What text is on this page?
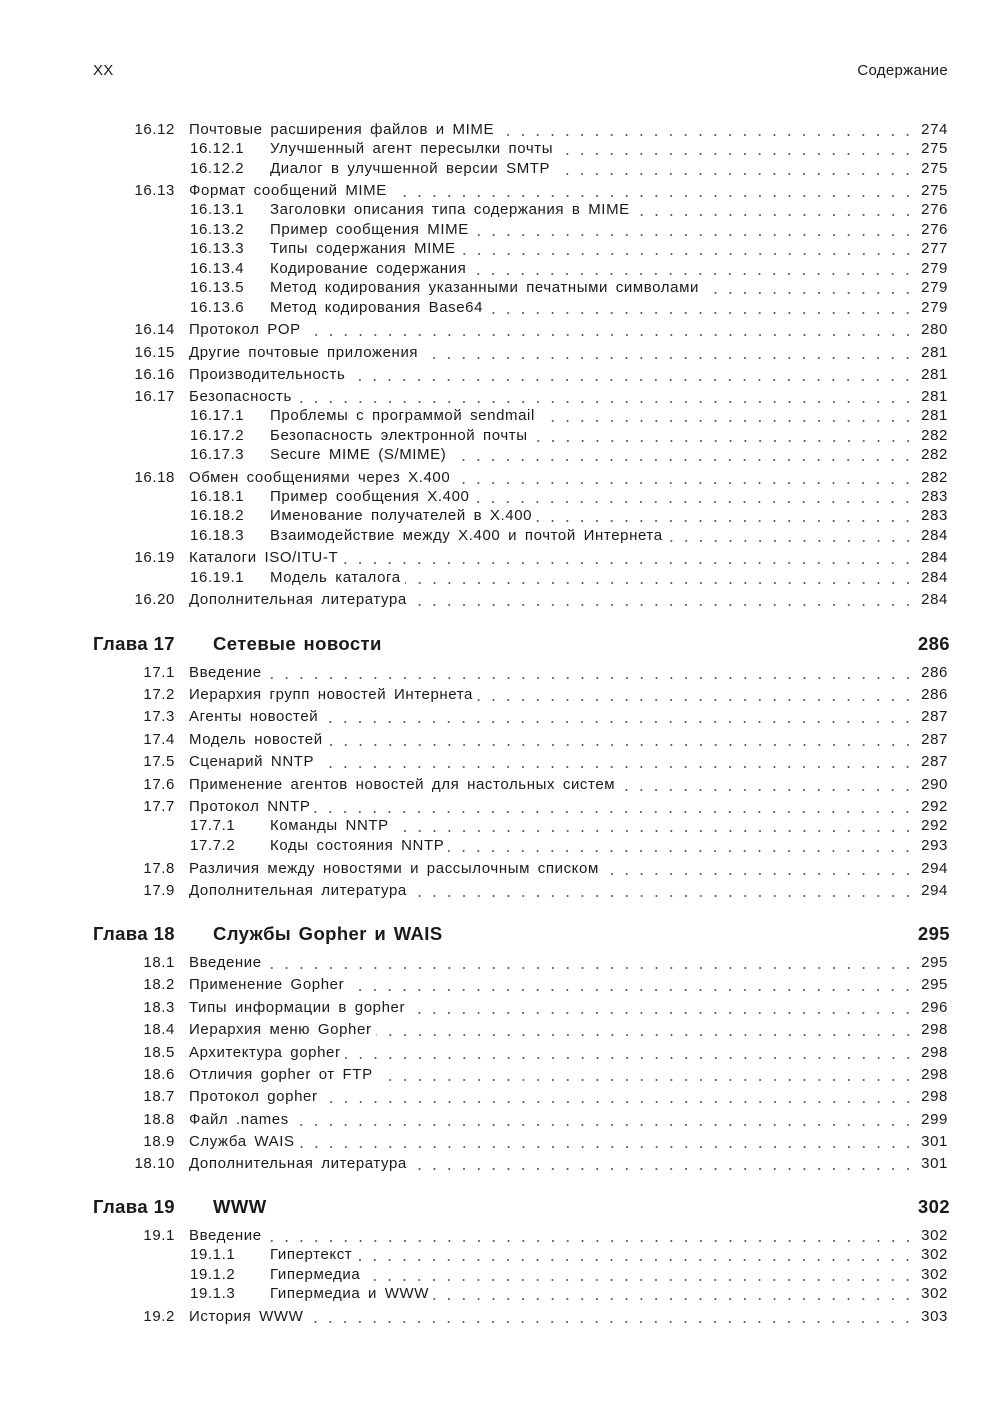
XX	Содержание
16.12 Почтовые расширения файлов и MIME	274
16.12.1	Улучшенный агент пересылки почты	275
16.12.2	Диалог в улучшенной версии SMTP	275
16.13 Формат сообщений MIME	275
16.13.1	Заголовки описания типа содержания в MIME	276
16.13.2	Пример сообщения MIME	276
16.13.3	Типы содержания MIME	277
16.13.4	Кодирование содержания	279
16.13.5	Метод кодирования указанными печатными символами	279
16.13.6	Метод кодирования Base64	279
16.14 Протокол POP	280
16.15 Другие почтовые приложения	281
16.16 Производительность	281
16.17 Безопасность	281
16.17.1	Проблемы с программой sendmail	281
16.17.2	Безопасность электронной почты	282
16.17.3	Secure MIME (S/MIME)	282
16.18 Обмен сообщениями через X.400	282
16.18.1	Пример сообщения X.400	283
16.18.2	Именование получателей в X.400	283
16.18.3	Взаимодействие между X.400 и почтой Интернета	284
16.19 Каталоги ISO/ITU-T	284
16.19.1	Модель каталога	284
16.20 Дополнительная литература	284
Глава 17	Сетевые новости	286
17.1 Введение	286
17.2 Иерархия групп новостей Интернета	286
17.3 Агенты новостей	287
17.4 Модель новостей	287
17.5 Сценарий NNTP	287
17.6 Применение агентов новостей для настольных систем	290
17.7 Протокол NNTP	292
17.7.1	Команды NNTP	292
17.7.2	Коды состояния NNTP	293
17.8 Различия между новостями и рассылочным списком	294
17.9 Дополнительная литература	294
Глава 18	Службы Gopher и WAIS	295
18.1 Введение	295
18.2 Применение Gopher	295
18.3 Типы информации в gopher	296
18.4 Иерархия меню Gopher	298
18.5 Архитектура gopher	298
18.6 Отличия gopher от FTP	298
18.7 Протокол gopher	298
18.8 Файл .names	299
18.9 Служба WAIS	301
18.10 Дополнительная литература	301
Глава 19	WWW	302
19.1 Введение	302
19.1.1	Гипертекст	302
19.1.2	Гипермедиа	302
19.1.3	Гипермедиа и WWW	302
19.2 История WWW	303
